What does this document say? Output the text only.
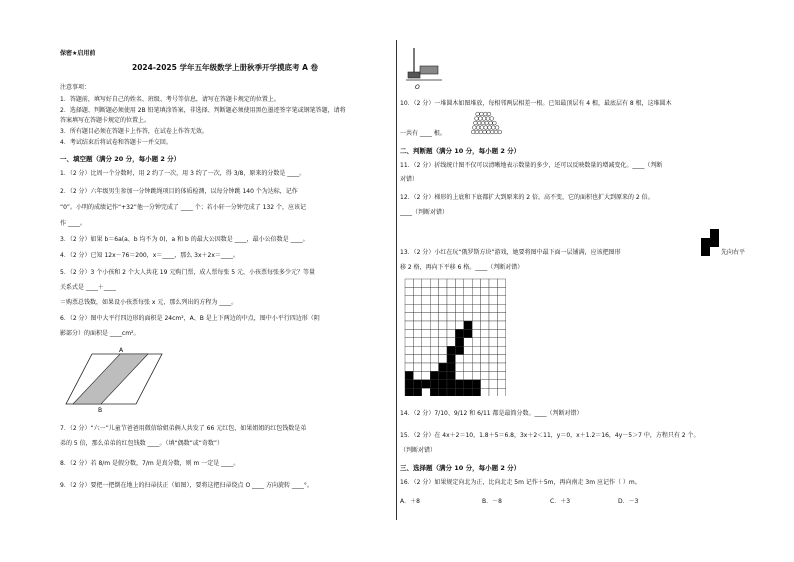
保密★启用前
2024-2025 学年五年级数学上册秋季开学摸底考 A 卷
注意事项：
1．答题前，填写好自己的姓名、班级、考号等信息，请写在答题卡规定的位置上。
2．选择题、判断题必须使用 2B 铅笔填涂答案，非选择、判断题必须使用黑色墨迹签字笔或钢笔答题，请将
答案填写在答题卡规定的位置上。
3．所有题目必须在答题卡上作答，在试卷上作答无效。
4．考试结束后将试卷和答题卡一并交回。
一、填空题（满分 20 分，每小题 2 分）
1．（2 分）比周一个分数时，用 2 约了一次，用 3 约了一次，得 3/8，原来的分数是 ____。
2．（2 分）六年级男生参加一分钟跳绳项目的体质检测，以每分钟跳 140 个为达标，记作
“0”。小明的成绩记作“+32”他一分钟完成了 ____ 个；若小轩一分钟完成了 132 个，应该记
作 ____。
3．（2 分）如果 b＝6a(a、b 均不为 0)，a 和 b 的最大公因数是 ____，最小公倍数是 ____。
4．（2 分）已知 12x－76＝200，x＝____，那么 3x＋2x＝____。
5．（2 分）3 个小孩和 2 个大人共花 19 元购门票，成人票每张 5 元，小孩票每张多少元？等量
关系式是 ____＋____
＝购票总钱数，如果设小孩票每张 x 元，那么列出的方程为 ____。
6．（2 分）图中大平行四边形的面积是 24cm²，A、B 是上下两边的中点，图中小平行四边形（阴
影部分）的面积是 ____cm²。
A
B
7．（2 分）“六一”儿童节爸爸用微信给姐弟俩人共发了 66 元红包，如果姐姐的红包钱数是弟
弟的 5 倍，那么弟弟的红包钱数 ____。（填“偶数”或“奇数”）
8．（2 分）若 8/m 是假分数，7/m 是真分数，则 m 一定是 ____。
9．（2 分）要把一把倒在地上的扫帚扶正（如图），要将这把扫帚绕点 O ____ 方向旋转 ____°。
O
10．（2 分）一堆圆木如图堆放，每相邻两层相差一根。已知最顶层有 4 根，最底层有 8 根，这堆圆木
一共有 ____ 根。
二、判断题（满分 10 分，每小题 2 分）
11．（2 分）折线统计图不仅可以清晰地表示数量的多少，还可以反映数量的增减变化。____（判断
对错）
12．（2 分）梯形的上底和下底都扩大到原来的 2 倍，高不变，它的面积也扩大到原来的 2 倍。
____（判断对错）
13．（2 分）小红在玩“俄罗斯方块”游戏，她要将图中最下面一层铺满，应该把图形	先向右平
移 2 格，再向下平移 6 格。____（判断对错）
14．（2 分）7/10、9/12 和 6/11 都是最简分数。____（判断对错）
15．（2 分）在 4x＋2＝10，1.8＋5＝6.8，3x＋2＜11，y＝0，x＋1.2＝16，4y－5＞7 中，方程只有 2 个。
（判断对错）
三、选择题（满分 10 分，每小题 2 分）
16．（2 分）如果规定向北为正，比向北走 5m 记作＋5m，再向南走 3m 应记作（ ）m。
A．＋8	B．－8	C．＋3	D．－3
